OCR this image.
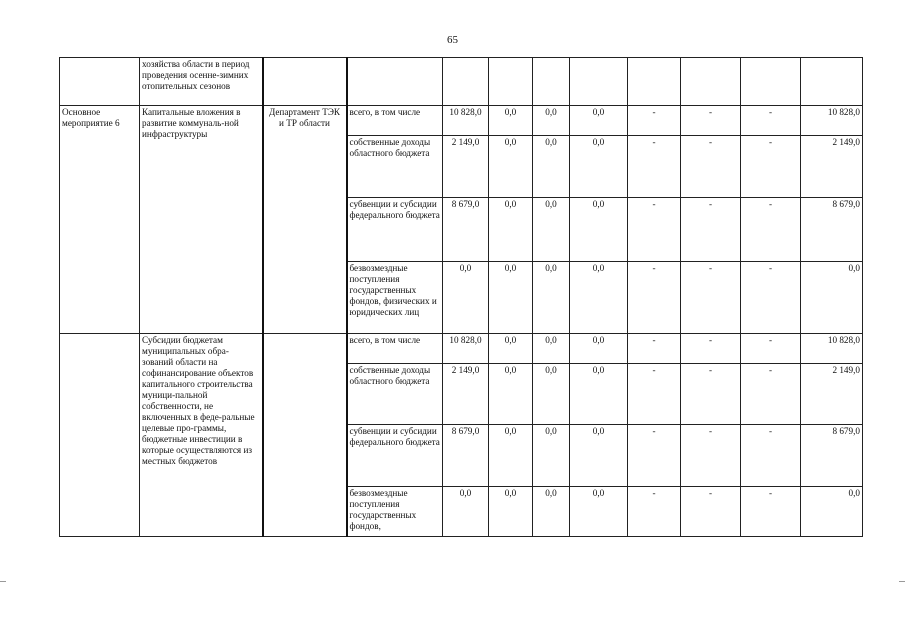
65
	хозяйства области в период проведения осенне-зимних отопительных сезонов										
Основное мероприятие 6	Капитальные вложения в развитие коммуналь-ной инфраструктуры	Департамент ТЭК и ТР области	всего, в том числе	10 828,0	0,0	0,0	0,0	-	-	-	10 828,0
			собственные доходы областного бюджета	2 149,0	0,0	0,0	0,0	-	-	-	2 149,0
			субвенции и субсидии федерального бюджета	8 679,0	0,0	0,0	0,0	-	-	-	8 679,0
			безвозмездные поступления государственных фондов, физических и юридических лиц	0,0	0,0	0,0	0,0	-	-	-	0,0
	Субсидии бюджетам муниципальных обра-зований области на софинансирование объектов капитального строительства муници-пальной собственности, не включенных в феде-ральные целевые про-граммы, бюджетные инвестиции в которые осуществляются из местных бюджетов		всего, в том числе	10 828,0	0,0	0,0	0,0	-	-	-	10 828,0
			собственные доходы областного бюджета	2 149,0	0,0	0,0	0,0	-	-	-	2 149,0
			субвенции и субсидии федерального бюджета	8 679,0	0,0	0,0	0,0	-	-	-	8 679,0
			безвозмездные поступления государственных фондов,	0,0	0,0	0,0	0,0	-	-	-	0,0
